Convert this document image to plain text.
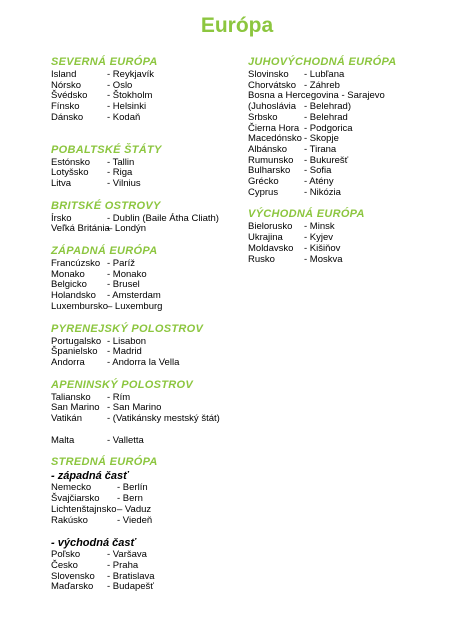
Európa
SEVERNÁ EURÓPA
Island	- Reykjavík
Nórsko	- Oslo
Švédsko - Štokholm
Fínsko	- Helsinki
Dánsko	- Kodaň
POBALTSKÉ ŠTÁTY
Estónsko - Tallin
Lotyšsko - Riga
Litva	- Vilnius
BRITSKÉ OSTROVY
Írsko	- Dublin (Baile Átha Cliath)
Veľká Británia– Londýn
ZÁPADNÁ EURÓPA
Francúzsko - Paríž
Monako - Monako
Belgicko - Brusel
Holandsko - Amsterdam
Luxembursko– Luxemburg
PYRENEJSKÝ POLOSTROV
Portugalsko - Lisabon
Španielsko - Madrid
Andorra - Andorra la Vella
APENINSKÝ POLOSTROV
Taliansko - Rím
San Marino - San Marino
Vatikán	- (Vatikánsky mestský štát)
Malta	- Valletta
STREDNÁ EURÓPA
- západná časť
Nemecko	- Berlín
Švajčiarsko - Bern
Lichtenštajnsko– Vaduz
Rakúsko	- Viedeň
- východná časť
Poľsko	- Varšava
Česko	- Praha
Slovensko - Bratislava
Maďarsko - Budapešť
JUHOVÝCHODNÁ EURÓPA
Slovinsko - Lubľana
Chorvátsko - Záhreb
Bosna a Hercegovina - Sarajevo
(Juhoslávia - Belehrad)
Srbsko	- Belehrad
Čierna Hora - Podgorica
Macedónsko - Skopje
Albánsko - Tirana
Rumunsko - Bukurešť
Bulharsko - Sofia
Grécko	- Atény
Cyprus	- Nikózia
VÝCHODNÁ EURÓPA
Bielorusko - Minsk
Ukrajina - Kyjev
Moldavsko - Kišiňov
Rusko	- Moskva
